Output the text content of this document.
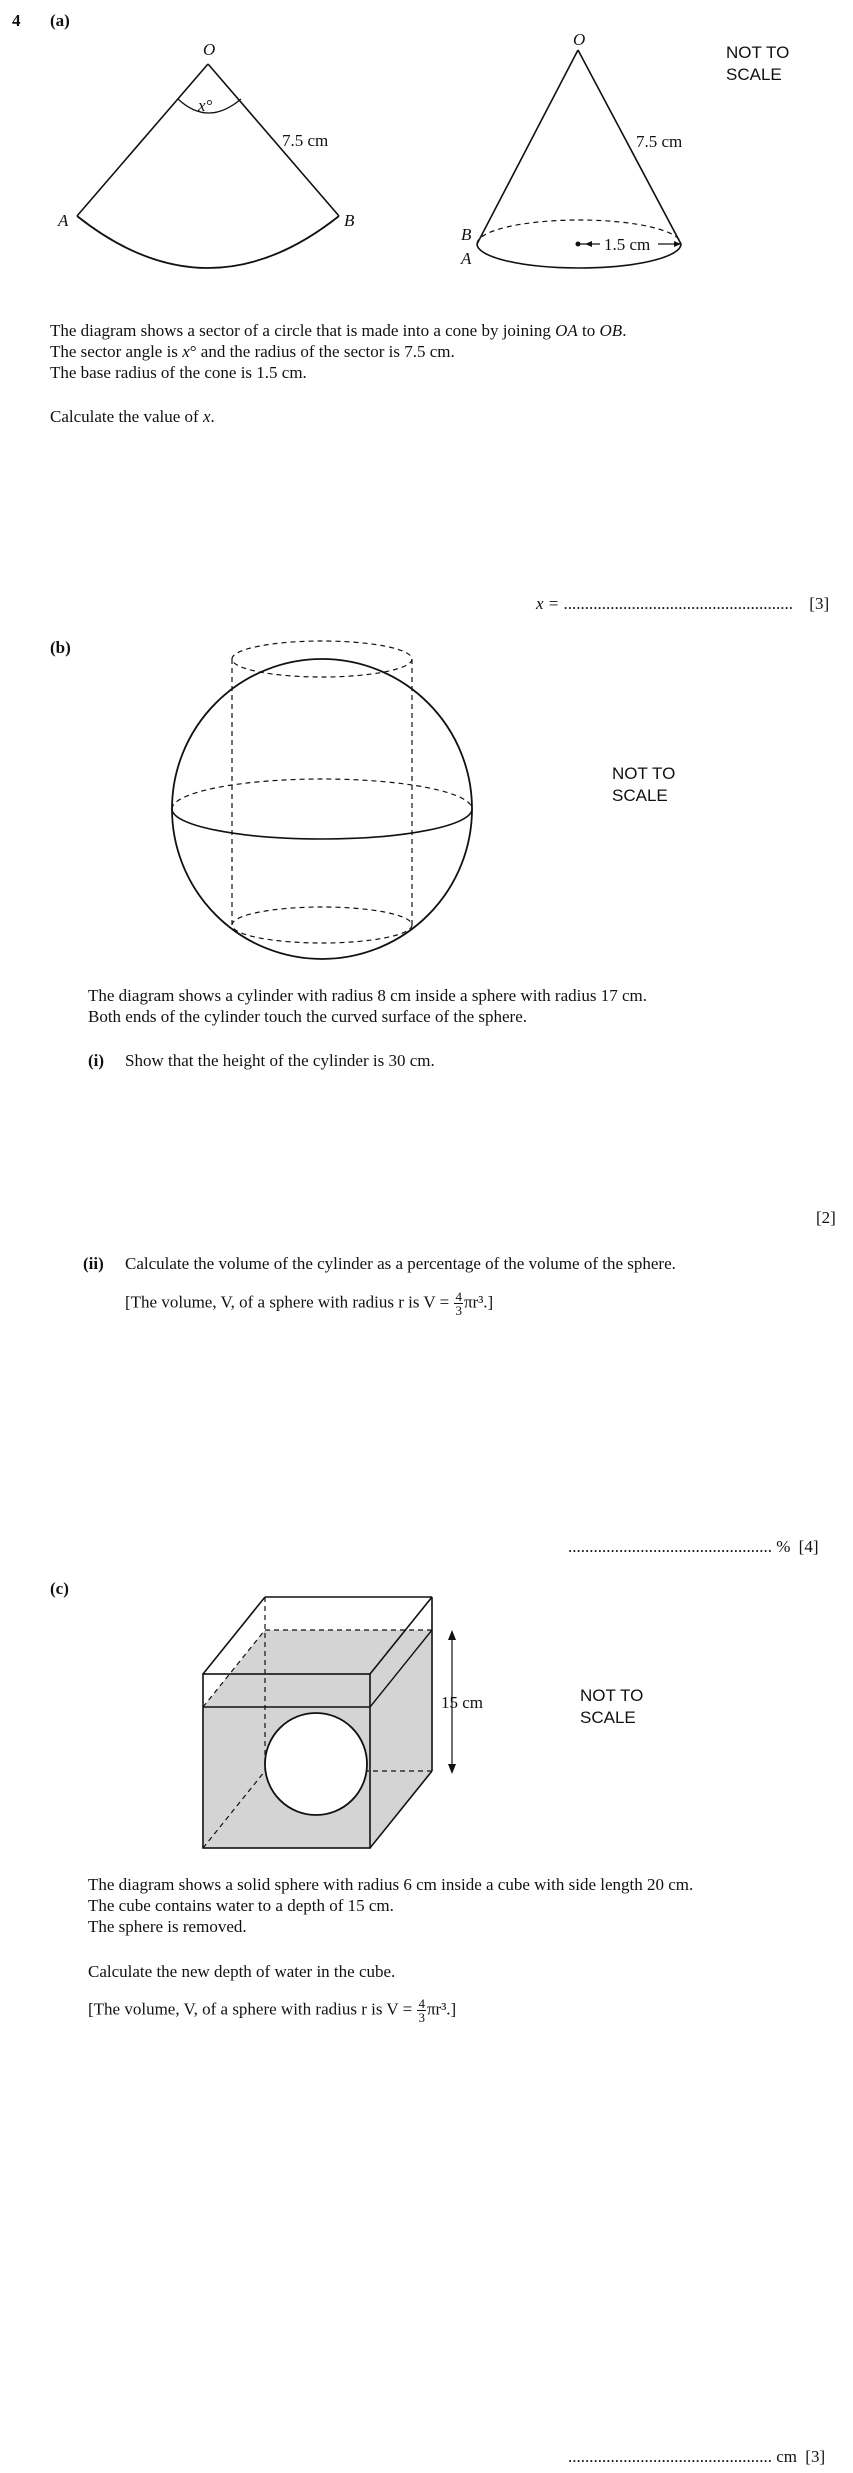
4 (a)
O
A	B
x°
7.5 cm
1.5 cm
O
B
A
7.5 cm
NOT TO
SCALE
The diagram shows a sector of a circle that is made into a cone by joining OA to OB.
The sector angle is x° and the radius of the sector is 7.5 cm.
The base radius of the cone is 1.5 cm.
Calculate the value of x.
x = ...................................................... [3]
(b)
NOT TO
SCALE
The diagram shows a cylinder with radius 8 cm inside a sphere with radius 17 cm.
Both ends of the cylinder touch the curved surface of the sphere.
(i) Show that the height of the cylinder is 30 cm.
[2]
(ii) Calculate the volume of the cylinder as a percentage of the volume of the sphere.
[The volume, V, of a sphere with radius r is $V = \frac{4}{3} \pi r^3$.]
................................................ % [4]
(c)
15 cm	NOT TO
SCALE
The diagram shows a solid sphere with radius 6 cm inside a cube with side length 20 cm.
The cube contains water to a depth of 15 cm.
The sphere is removed.
Calculate the new depth of water in the cube.
[The volume, V, of a sphere with radius r is $V = \frac{4}{3} \pi r^3$.]
................................................ cm [3]
